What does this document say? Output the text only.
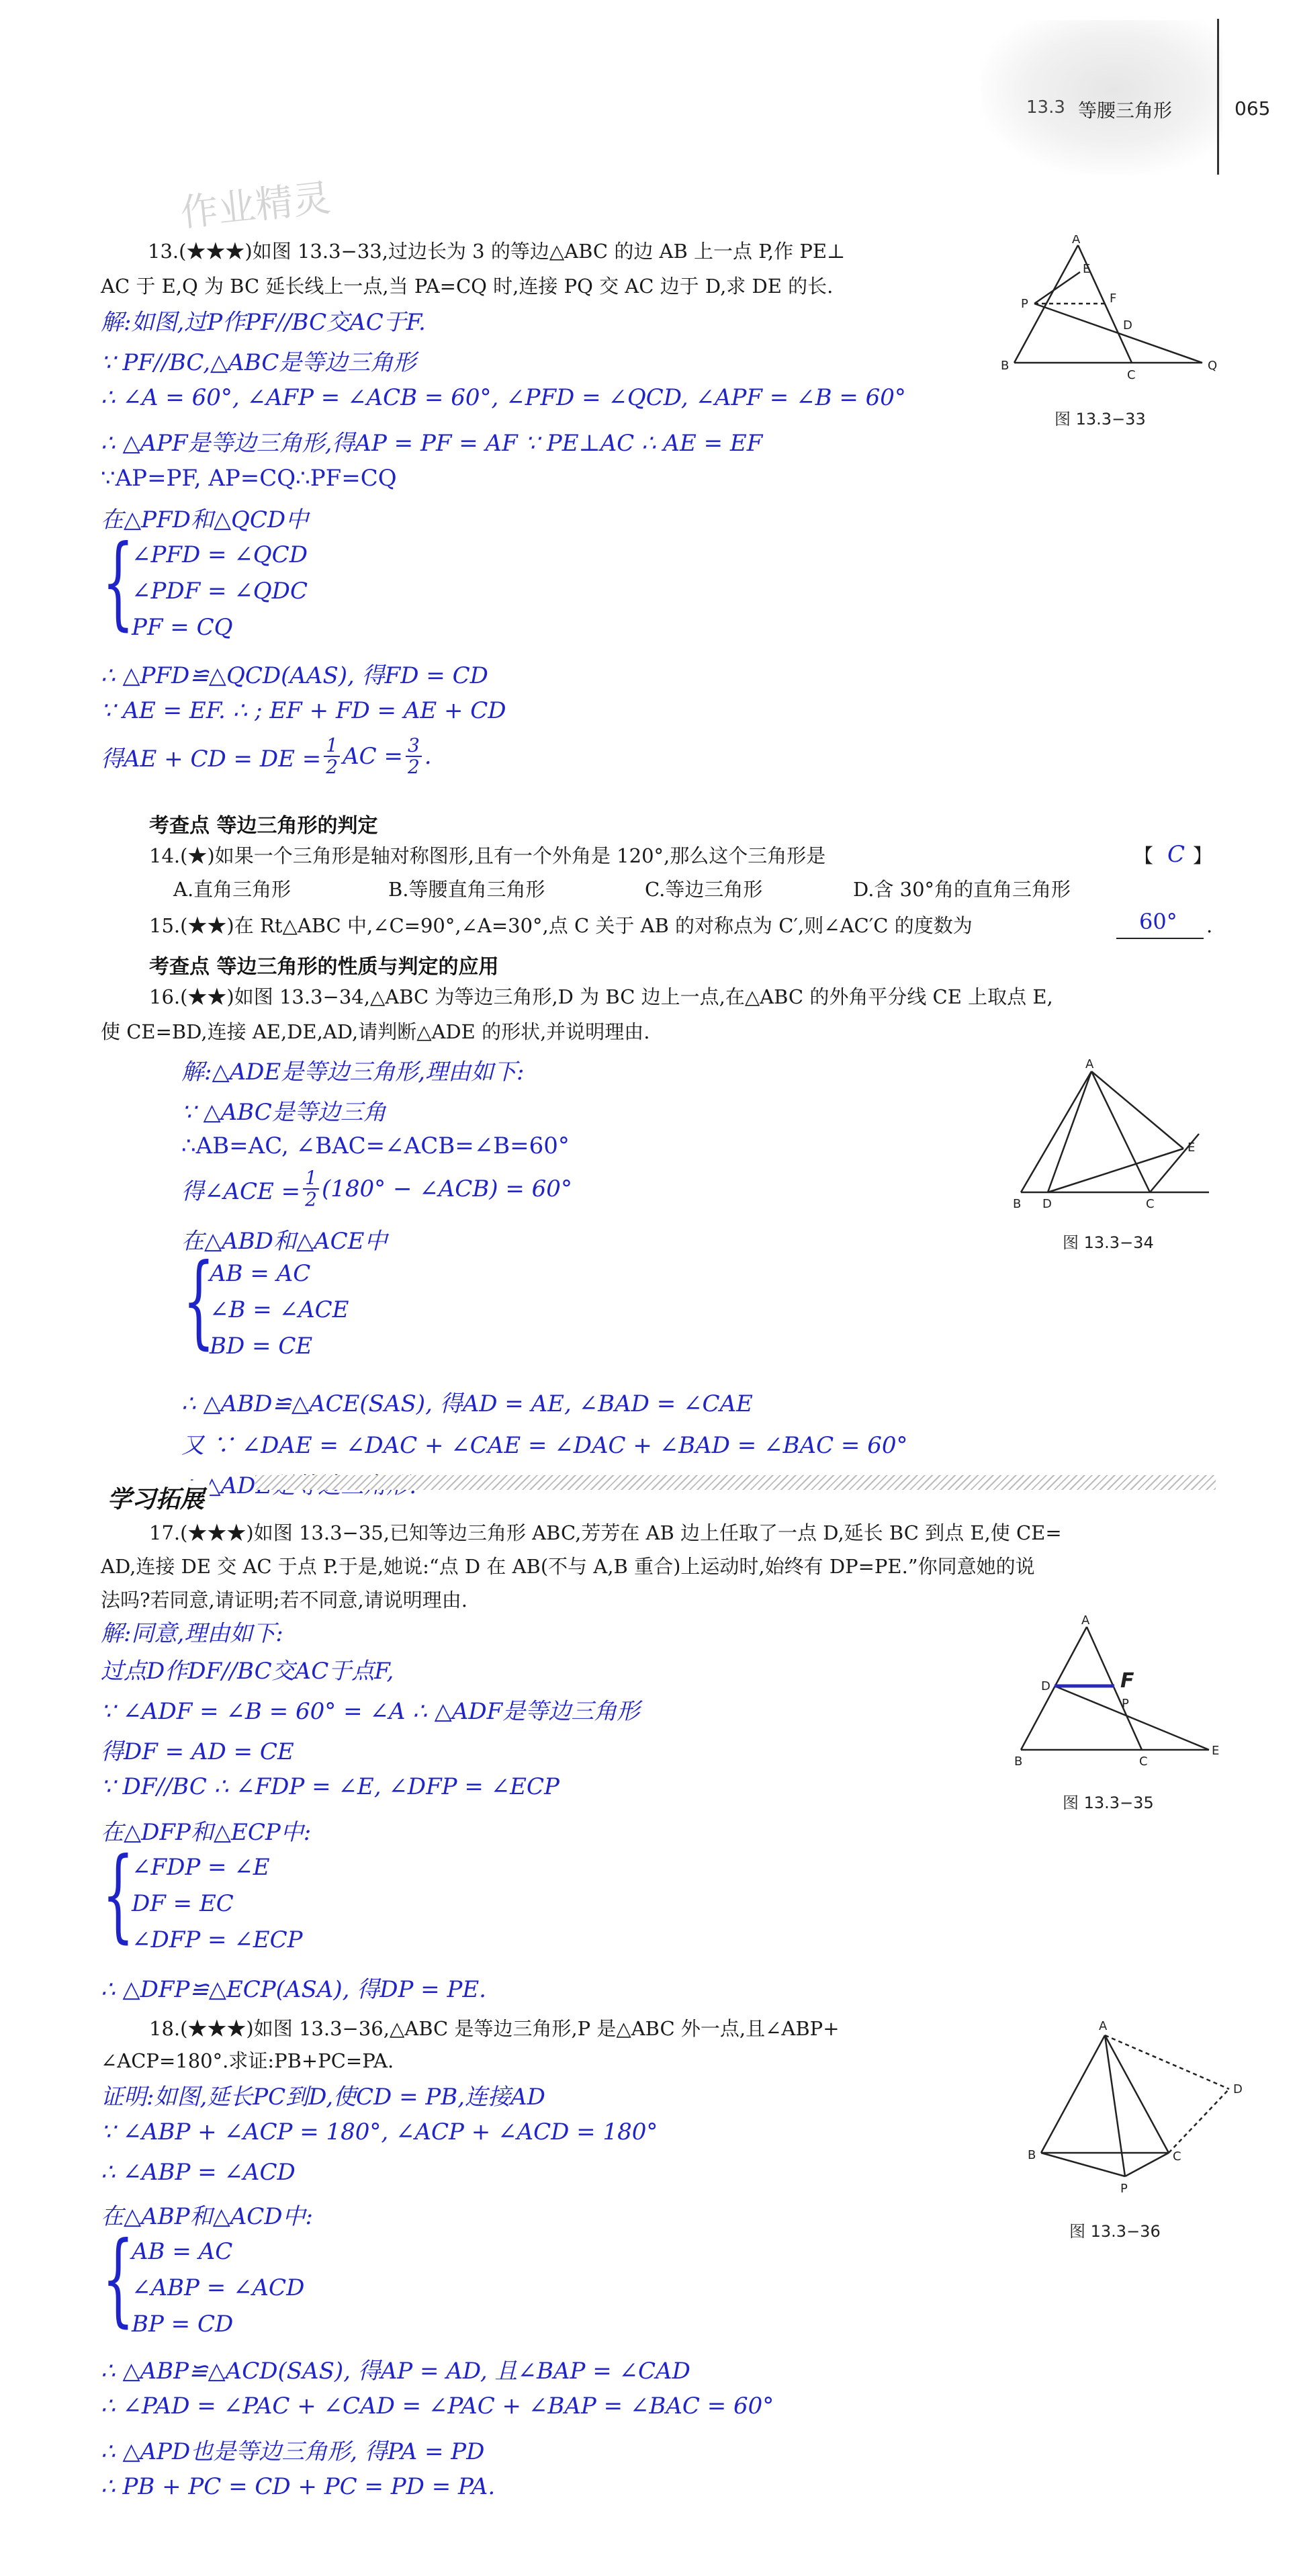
13.3 等腰三角形	065
作业精灵
13.(★★★)如图 13.3−33,过边长为 3 的等边△ABC 的边 AB 上一点 P,作 PE⊥
AC 于 E,Q 为 BC 延长线上一点,当 PA=CQ 时,连接 PQ 交 AC 边于 D,求 DE 的长.
解:如图,过P作PF//BC交AC于F.
∵ PF//BC,△ABC是等边三角形
∴ ∠A = 60°, ∠AFP = ∠ACB = 60°, ∠PFD = ∠QCD, ∠APF = ∠B = 60°
∴ △APF是等边三角形,得AP = PF = AF ∵ PE⊥AC ∴ AE = EF
∵AP=PF, AP=CQ∴PF=CQ
在△PFD和△QCD中
{
∠PFD = ∠QCD
∠PDF = ∠QDC
PF = CQ
∴ △PFD≌△QCD(AAS), 得FD = CD
∵ AE = EF. ∴ ; EF + FD = AE + CD
得AE + CD = DE = $\frac{1}{2}$ AC = $\frac{3}{2}$ .
A
E
P	F
D
B
C
Q
图 13.3−33
考查点 等边三角形的判定
14.(★)如果一个三角形是轴对称图形,且有一个外角是 120°,那么这个三角形是	【 C 】
A.直角三角形	B.等腰直角三角形	C.等边三角形	D.含 30°角的直角三角形
15.(★★)在 Rt△ABC 中,∠C=90°,∠A=30°,点 C 关于 AB 的对称点为 C′,则∠AC′C 的度数为	60° .
考查点 等边三角形的性质与判定的应用
16.(★★)如图 13.3−34,△ABC 为等边三角形,D 为 BC 边上一点,在△ABC 的外角平分线 CE 上取点 E,
使 CE=BD,连接 AE,DE,AD,请判断△ADE 的形状,并说明理由.
解:△ADE是等边三角形,理由如下:
∵ △ABC是等边三角
∴AB=AC, ∠BAC=∠ACB=∠B=60°
得∠ACE = $\frac{1}{2} (180^\circ$ − ∠ACB) = 60°
在△ABD和△ACE中
{
AB = AC
∠B = ∠ACE
BD = CE
∴ △ABD≌△ACE(SAS), 得AD = AE, ∠BAD = ∠CAE
又 ∵ ∠DAE = ∠DAC + ∠CAE = ∠DAC + ∠BAD = ∠BAC = 60°
A
E
B D	C
图 13.3−34
学习拓展
17.(★★★)如图 13.3−35,已知等边三角形 ABC,芳芳在 AB 边上任取了一点 D,延长 BC 到点 E,使 CE=
AD,连接 DE 交 AC 于点 P.于是,她说:“点 D 在 AB(不与 A,B 重合)上运动时,始终有 DP=PE.”你同意她的说
法吗?若同意,请证明;若不同意,请说明理由.
解:同意,理由如下:
过点D作DF//BC交AC于点F,
∵ ∠ADF = ∠B = 60° = ∠A ∴ △ADF是等边三角形
得DF = AD = CE
∵ DF//BC ∴ ∠FDP = ∠E, ∠DFP = ∠ECP
在△DFP和△ECP中:
{
∠FDP = ∠E
DF = EC
∠DFP = ∠ECP
∴ △DFP≌△ECP(ASA), 得DP = PE.
A
D	F
P
B	C
E
图 13.3−35
18.(★★★)如图 13.3−36,△ABC 是等边三角形,P 是△ABC 外一点,且∠ABP+
∠ACP=180°.求证:PB+PC=PA.
证明:如图,延长PC到D,使CD = PB,连接AD
∵ ∠ABP + ∠ACP = 180°, ∠ACP + ∠ACD = 180°
∴ ∠ABP = ∠ACD
在△ABP和△ACD中:
{
AB = AC
∠ABP = ∠ACD
BP = CD
∴ △ABP≌△ACD(SAS), 得AP = AD, 且∠BAP = ∠CAD
∴ ∠PAD = ∠PAC + ∠CAD = ∠PAC + ∠BAP = ∠BAC = 60°
∴ △APD也是等边三角形, 得PA = PD
∴ PB + PC = CD + PC = PD = PA.
A
D
B	C
P
图 13.3−36
